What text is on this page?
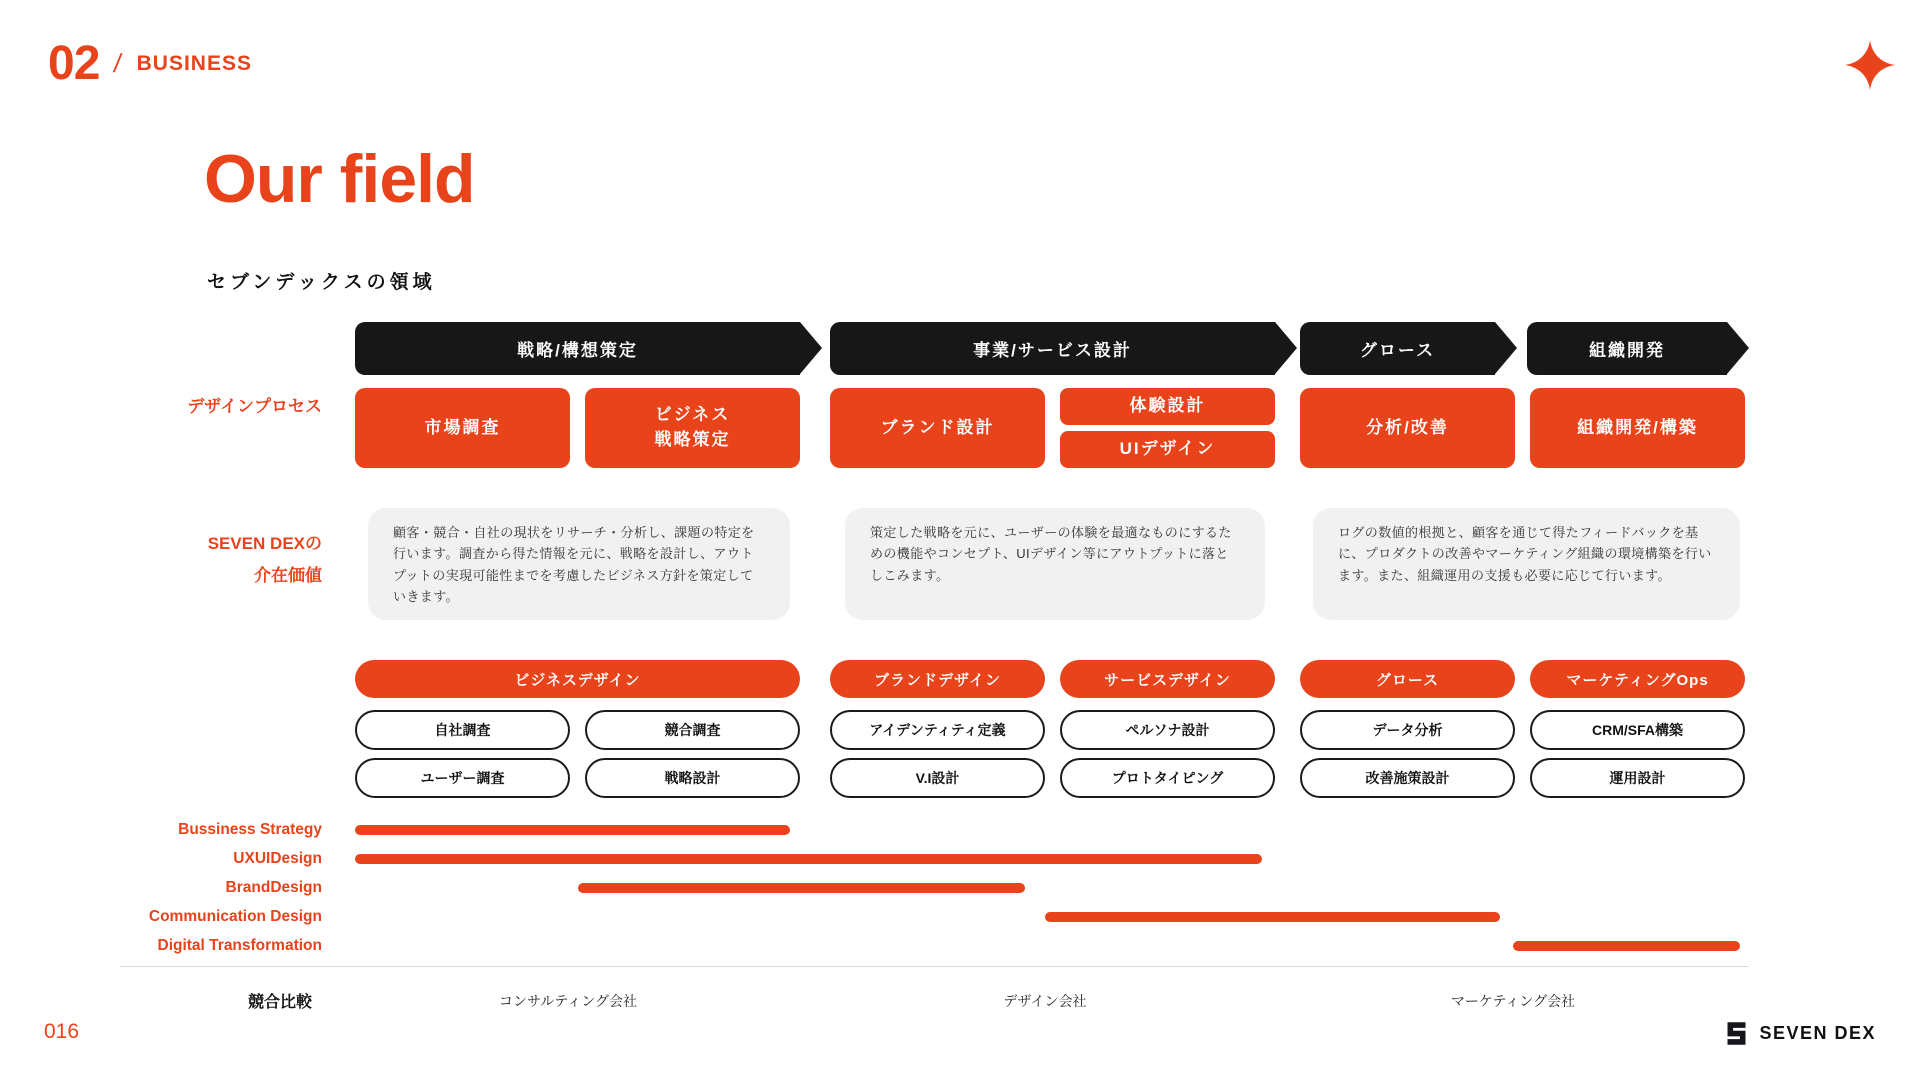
02 / BUSINESS
Our field
セブンデックスの領域
戦略/構想策定	事業/サービス設計	グロース	組織開発
デザインプロセス
市場調査
ビジネス
戦略策定
ブランド設計
体験設計
UIデザイン
分析/改善	組織開発/構築
SEVEN DEXの
介在価値
顧客・競合・自社の現状をリサーチ・分析し、課題の特定を行います。調査から得た情報を元に、戦略を設計し、アウトプットの実現可能性までを考慮したビジネス方針を策定していきます。
策定した戦略を元に、ユーザーの体験を最適なものにするための機能やコンセプト、UIデザイン等にアウトプットに落としこみます。
ログの数値的根拠と、顧客を通じて得たフィードバックを基に、プロダクトの改善やマーケティング組織の環境構築を行います。また、組織運用の支援も必要に応じて行います。
ビジネスデザイン	ブランドデザイン	サービスデザイン	グロース	マーケティングOps
自社調査	競合調査	アイデンティティ定義	ペルソナ設計	データ分析	CRM/SFA構築
ユーザー調査	戦略設計	V.I設計	プロトタイピング	改善施策設計	運用設計
Bussiness Strategy
UXUIDesign
BrandDesign
Communication Design
Digital Transformation
競合比較	コンサルティング会社	デザイン会社	マーケティング会社
016	SEVEN DEX
